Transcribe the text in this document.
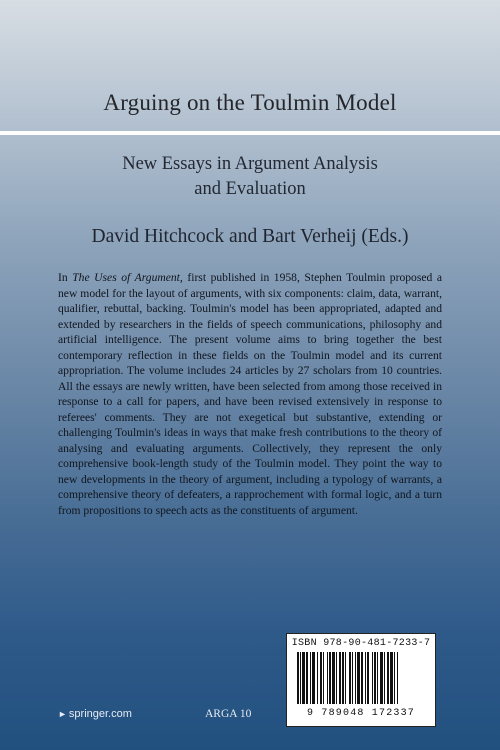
Arguing on the Toulmin Model
New Essays in Argument Analysis
and Evaluation
David Hitchcock and Bart Verheij (Eds.)

In The Uses of Argument, first published in 1958, Stephen Toulmin proposed a new model for the layout of arguments, with six components: claim, data, warrant, qualifier, rebuttal, backing. Toulmin's model has been appropriated, adapted and extended by researchers in the fields of speech communications, philosophy and artificial intelligence. The present volume aims to bring together the best contemporary reflection in these fields on the Toulmin model and its current appropriation. The volume includes 24 articles by 27 scholars from 10 countries. All the essays are newly written, have been selected from among those received in response to a call for papers, and have been revised extensively in response to referees' comments. They are not exegetical but substantive, extending or challenging Toulmin's ideas in ways that make fresh contributions to the theory of analysing and evaluating arguments. Collectively, they represent the only comprehensive book-length study of the Toulmin model. They point the way to new developments in the theory of argument, including a typology of warrants, a comprehensive theory of defeaters, a rapprochement with formal logic, and a turn from propositions to speech acts as the constituents of argument.

► springer.com	ARGA 10
ISBN 978-90-481-7233-7
9 789048 172337
